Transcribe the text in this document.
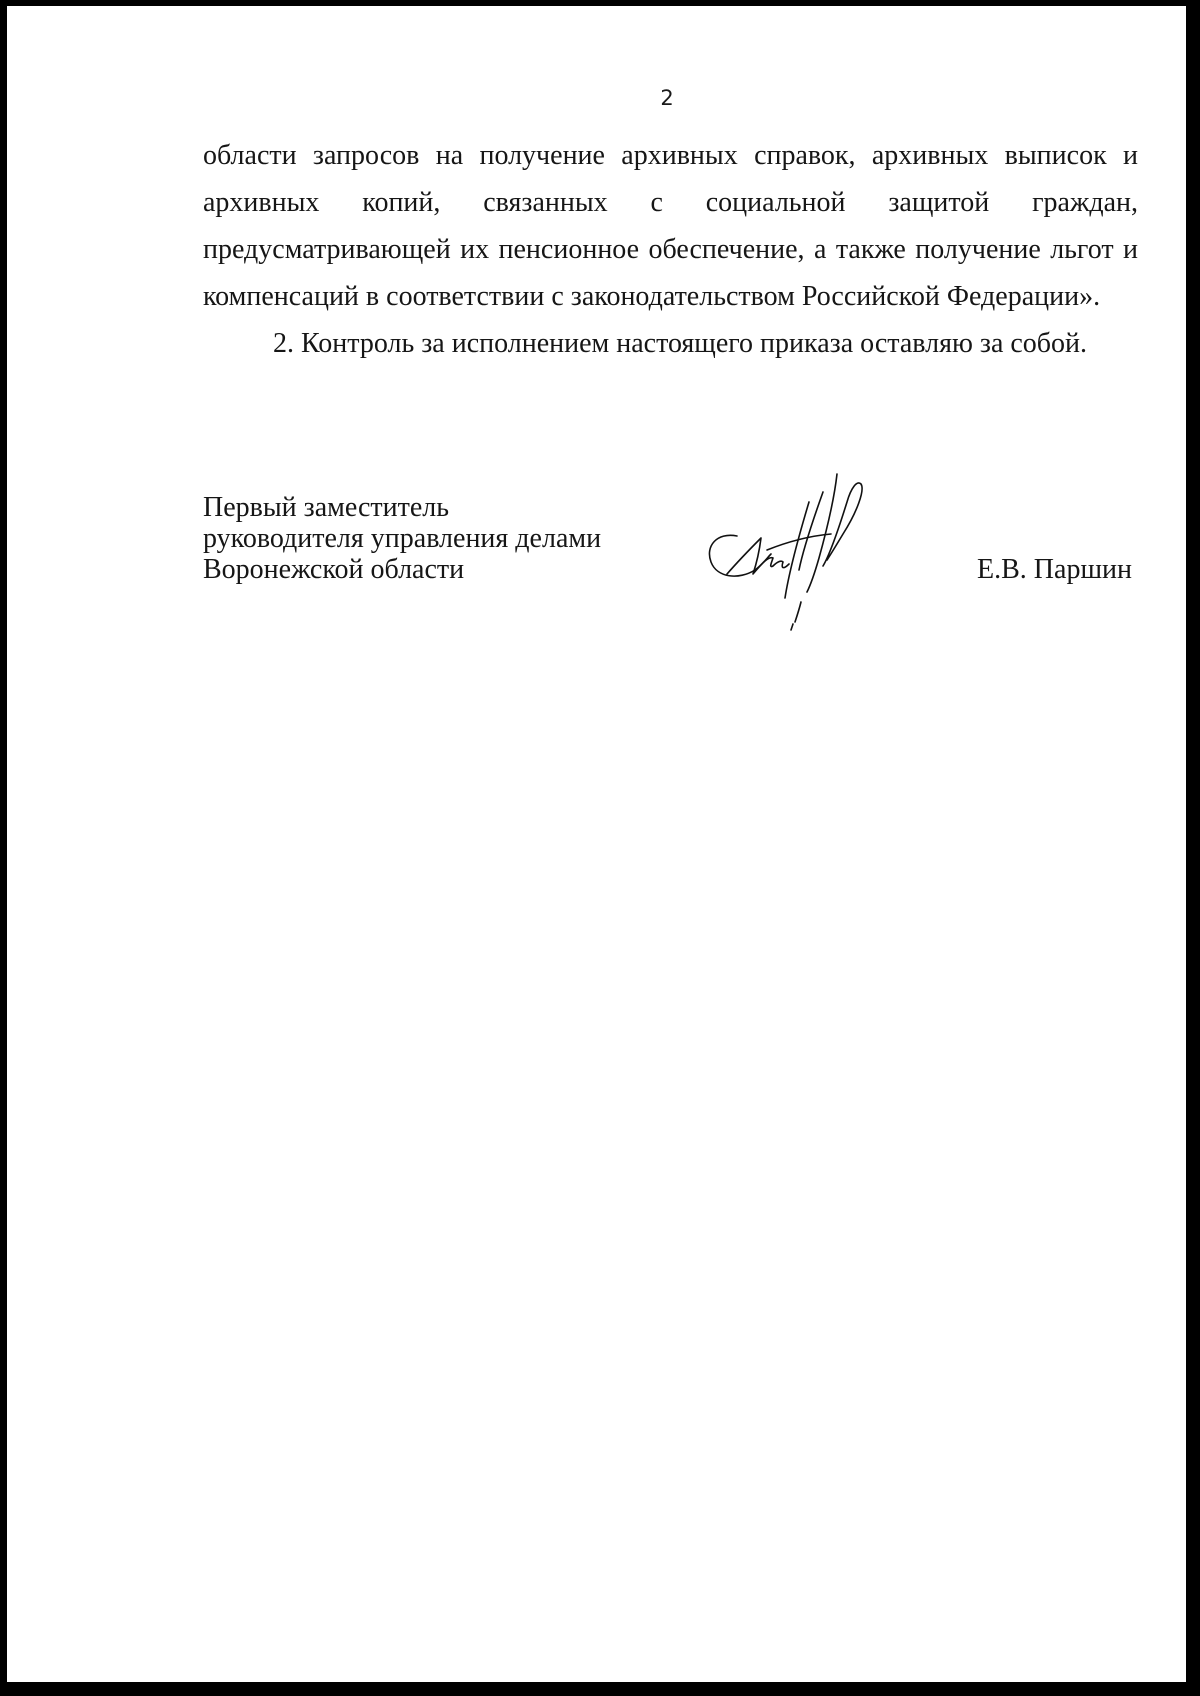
2
области запросов на получение архивных справок, архивных выписок и
архивных копий, связанных с социальной защитой граждан,
предусматривающей их пенсионное обеспечение, а также получение льгот и
компенсаций в соответствии с законодательством Российской Федерации».
2. Контроль за исполнением настоящего приказа оставляю за собой.
Первый заместитель
руководителя управления делами
Воронежской области	Е.В. Паршин
